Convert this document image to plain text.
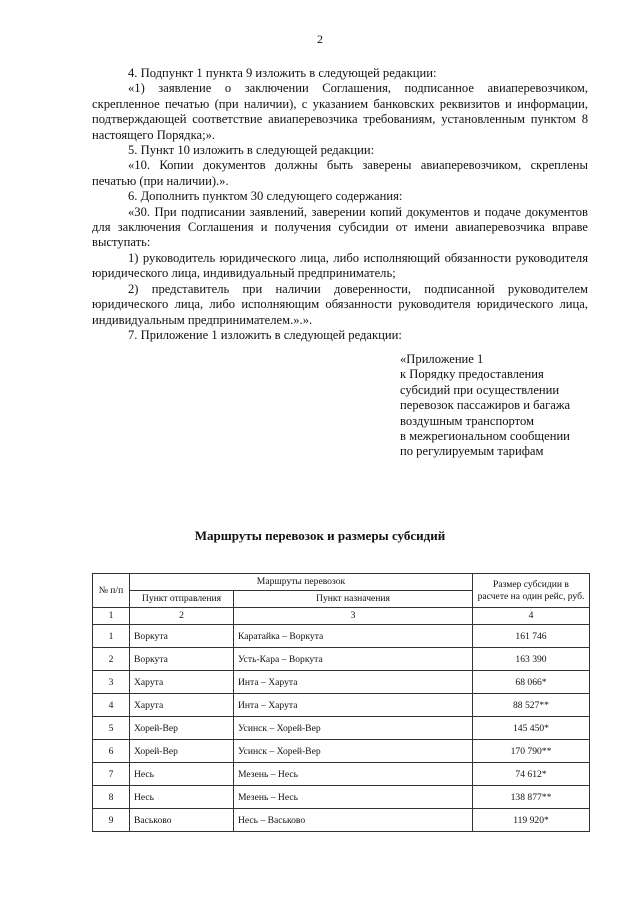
2

4. Подпункт 1 пункта 9 изложить в следующей редакции:

«1) заявление о заключении Соглашения, подписанное авиаперевозчиком, скрепленное печатью (при наличии), с указанием банковских реквизитов и информации, подтверждающей соответствие авиаперевозчика требованиям, установленным пунктом 8 настоящего Порядка;».

5. Пункт 10 изложить в следующей редакции:

«10. Копии документов должны быть заверены авиаперевозчиком, скреплены печатью (при наличии).».

6. Дополнить пунктом 30 следующего содержания:

«30. При подписании заявлений, заверении копий документов и подаче документов для заключения Соглашения и получения субсидии от имени авиаперевозчика вправе выступать:

1) руководитель юридического лица, либо исполняющий обязанности руководителя юридического лица, индивидуальный предприниматель;

2) представитель при наличии доверенности, подписанной руководителем юридического лица, либо исполняющим обязанности руководителя юридического лица, индивидуальным предпринимателем.».».

7. Приложение 1 изложить в следующей редакции:

«Приложение 1
к Порядку предоставления
субсидий при осуществлении
перевозок пассажиров и багажа
воздушным транспортом
в межрегиональном сообщении
по регулируемым тарифам
Маршруты перевозок и размеры субсидий
№ п/п	Маршруты перевозок		Размер субсидии в расчете на один рейс, руб.
	Пункт отправления	Пункт назначения	
1	2	3	4
1	Воркута	Каратайка – Воркута	161 746
2	Воркута	Усть-Кара – Воркута	163 390
3	Харута	Инта – Харута	68 066*
4	Харута	Инта – Харута	88 527**
5	Хорей-Вер	Усинск – Хорей-Вер	145 450*
6	Хорей-Вер	Усинск – Хорей-Вер	170 790**
7	Несь	Мезень – Несь	74 612*
8	Несь	Мезень – Несь	138 877**
9	Васьково	Несь – Васьково	119 920*
